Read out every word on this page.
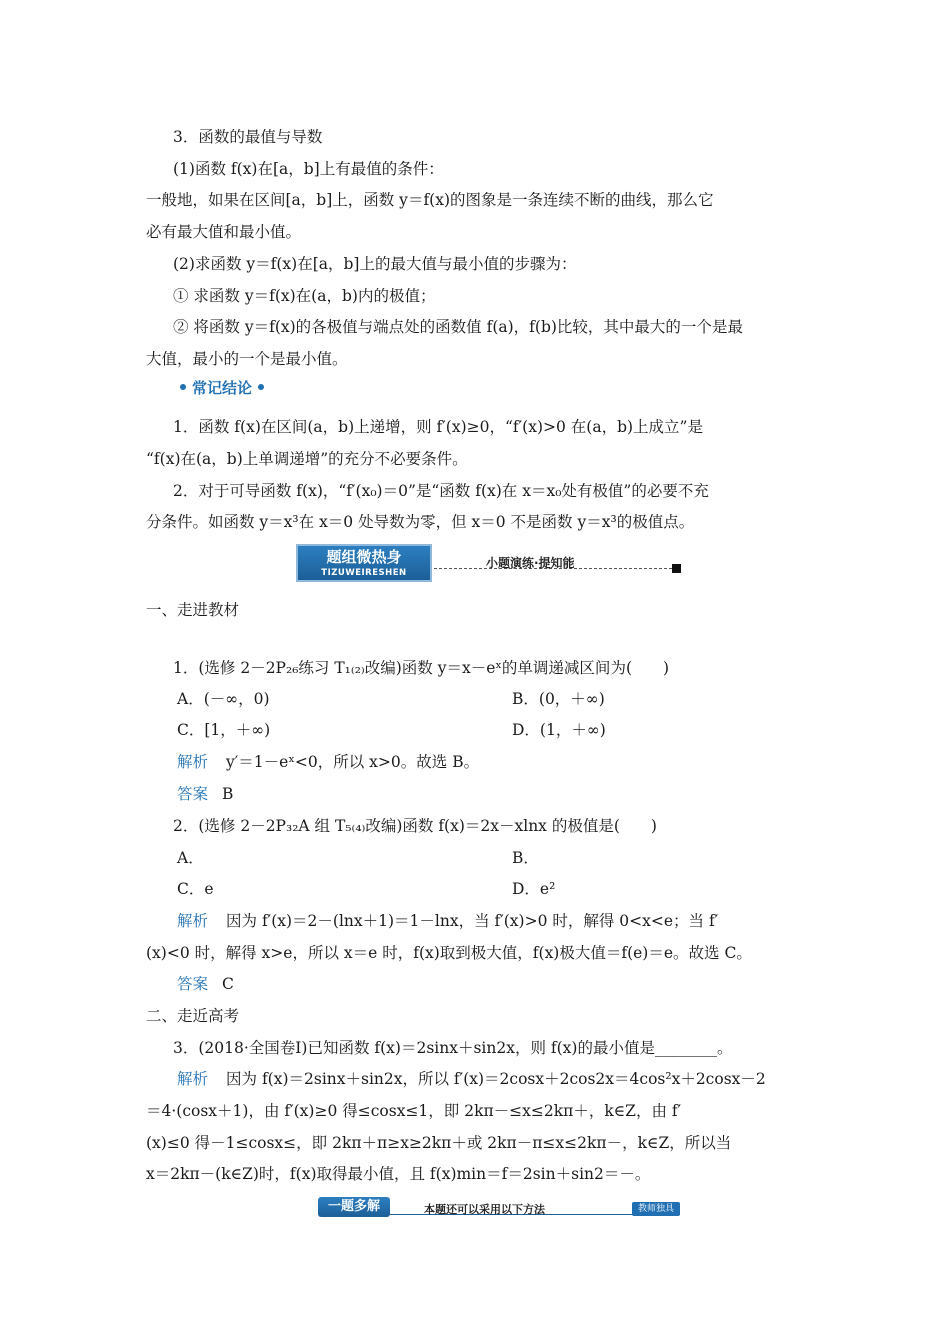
3．函数的最值与导数
(1)函数 f(x)在[a，b]上有最值的条件：
一般地，如果在区间[a，b]上，函数 y＝f(x)的图象是一条连续不断的曲线，那么它
必有最大值和最小值。
(2)求函数 y＝f(x)在[a，b]上的最大值与最小值的步骤为：
① 求函数 y＝f(x)在(a，b)内的极值；
② 将函数 y＝f(x)的各极值与端点处的函数值 f(a)，f(b)比较，其中最大的一个是最
大值，最小的一个是最小值。
常记结论
1．函数 f(x)在区间(a，b)上递增，则 f′(x)≥0，“f′(x)>0 在(a，b)上成立”是
“f(x)在(a，b)上单调递增”的充分不必要条件。
2．对于可导函数 f(x)，“f′(x₀)＝0”是“函数 f(x)在 x＝x₀处有极值”的必要不充
分条件。如函数 y＝x³在 x＝0 处导数为零，但 x＝0 不是函数 y＝x³的极值点。
题组微热身
TIZUWEIRESHEN
小题演练·提知能
一、走进教材
1．(选修 2－2P₂₆练习 T₁₍₂₎改编)函数 y＝x－eˣ的单调递减区间为(　　)
A．(－∞，0)	B．(0，＋∞)
C．[1，＋∞)	D．(1，＋∞)
解析 y′＝1－eˣ<0，所以 x>0。故选 B。
答案 B
2．(选修 2－2P₃₂A 组 T₅₍₄₎改编)函数 f(x)＝2x－xlnx 的极值是(　　)
A．	B．
C．e	D．e²
解析 因为 f′(x)＝2－(lnx＋1)＝1－lnx，当 f′(x)>0 时，解得 0<x<e；当 f′
(x)<0 时，解得 x>e，所以 x＝e 时，f(x)取到极大值，f(x)极大值＝f(e)＝e。故选 C。
答案 C
二、走近高考
3．(2018·全国卷Ⅰ)已知函数 f(x)＝2sinx＋sin2x，则 f(x)的最小值是________。
解析 因为 f(x)＝2sinx＋sin2x，所以 f′(x)＝2cosx＋2cos2x＝4cos²x＋2cosx－2
＝4·(cosx＋1)，由 f′(x)≥0 得≤cosx≤1，即 2kπ－≤x≤2kπ＋，k∈Z，由 f′
(x)≤0 得－1≤cosx≤，即 2kπ＋π≥x≥2kπ＋或 2kπ－π≤x≤2kπ－，k∈Z，所以当
x＝2kπ－(k∈Z)时，f(x)取得最小值，且 f(x)min＝f＝2sin＋sin2＝－。
一题多解	本题还可以采用以下方法	教师独具
